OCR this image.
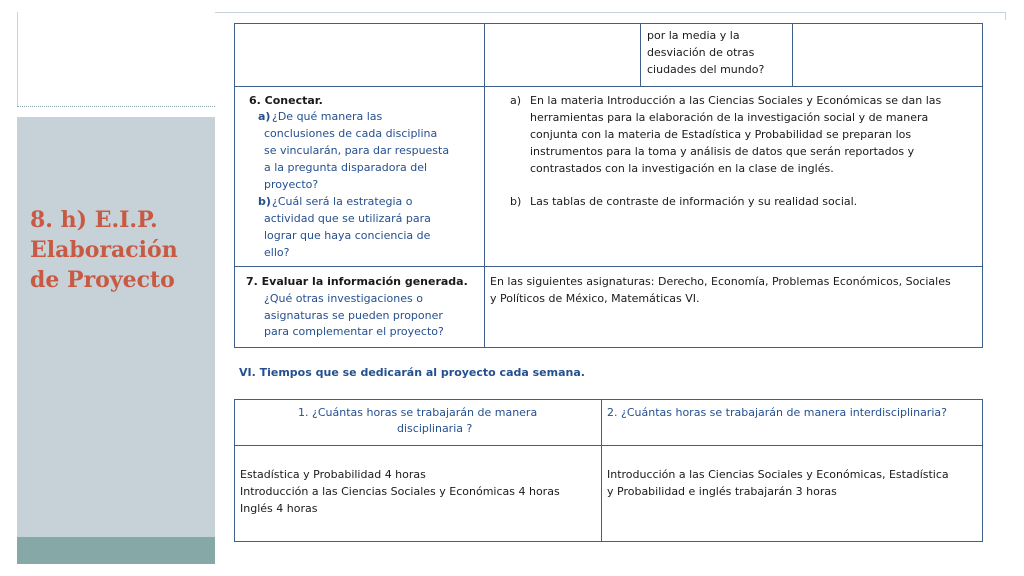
8. h) E.I.P.
Elaboración
de Proyecto
por la media y la
desviación de otras
ciudades del mundo?
6. Conectar.
a) ¿De qué manera las
conclusiones de cada disciplina
se vincularán, para dar respuesta
a la pregunta disparadora del
proyecto?
b) ¿Cuál será la estrategia o
actividad que se utilizará para
lograr que haya conciencia de
ello?
a) En la materia Introducción a las Ciencias Sociales y Económicas se dan las
herramientas para la elaboración de la investigación social y de manera
conjunta con la materia de Estadística y Probabilidad se preparan los
instrumentos para la toma y análisis de datos que serán reportados y
contrastados con la investigación en la clase de inglés.
b) Las tablas de contraste de información y su realidad social.
7. Evaluar la información generada.
¿Qué otras investigaciones o
asignaturas se pueden proponer
para complementar el proyecto?
En las siguientes asignaturas: Derecho, Economía, Problemas Económicos, Sociales
y Políticos de México, Matemáticas VI.
VI. Tiempos que se dedicarán al proyecto cada semana.
1. ¿Cuántas horas se trabajarán de manera
disciplinaria ?
2. ¿Cuántas horas se trabajarán de manera interdisciplinaria?
Estadística y Probabilidad 4 horas
Introducción a las Ciencias Sociales y Económicas 4 horas
Inglés 4 horas
Introducción a las Ciencias Sociales y Económicas, Estadística
y Probabilidad e inglés trabajarán 3 horas
